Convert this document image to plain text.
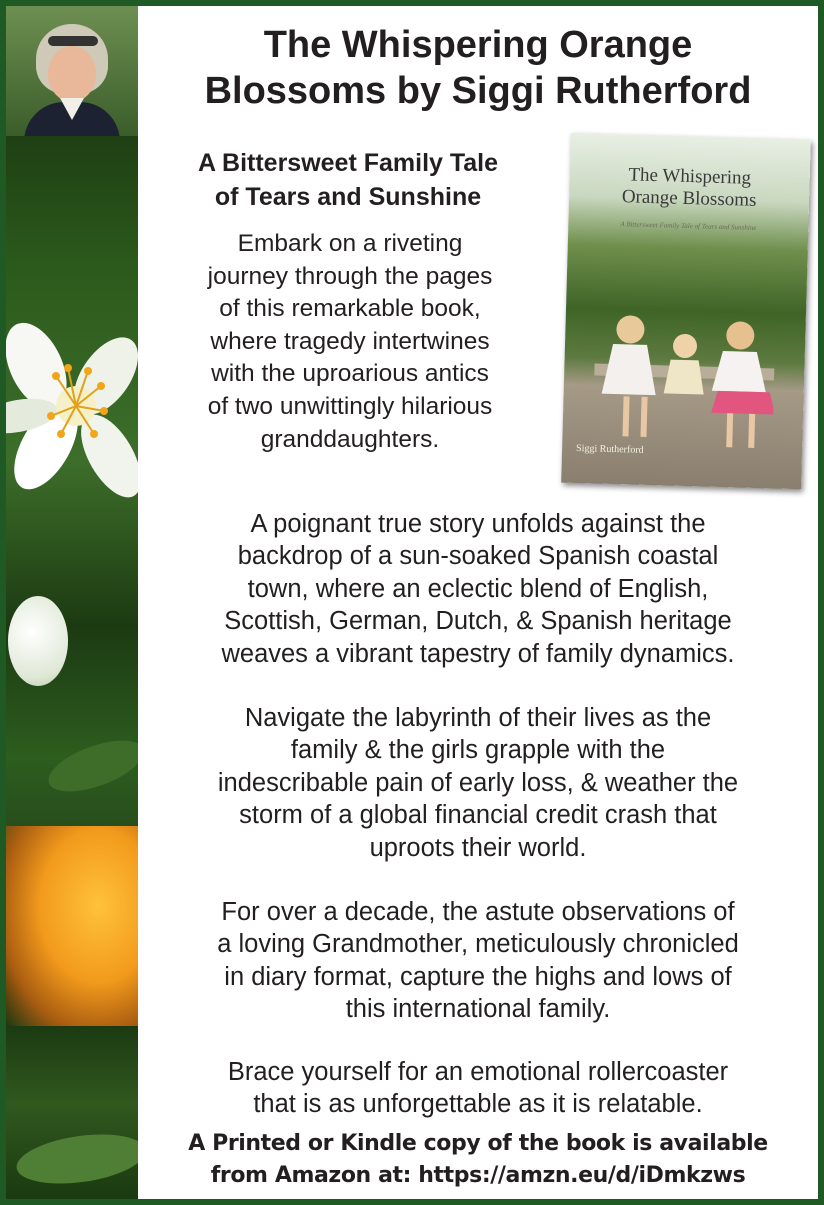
The Whispering Orange
Blossoms by Siggi Rutherford
A Bittersweet Family Tale
of Tears and Sunshine
Embark on a riveting
journey through the pages
of this remarkable book,
where tragedy intertwines
with the uproarious antics
of two unwittingly hilarious
granddaughters.
The Whispering
Orange Blossoms
A Bittersweet Family Tale of Tears and Sunshine
Siggi Rutherford
A poignant true story unfolds against the
backdrop of a sun-soaked Spanish coastal
town, where an eclectic blend of English,
Scottish, German, Dutch, & Spanish heritage
weaves a vibrant tapestry of family dynamics.
Navigate the labyrinth of their lives as the
family & the girls grapple with the
indescribable pain of early loss, & weather the
storm of a global financial credit crash that
uproots their world.
For over a decade, the astute observations of
a loving Grandmother, meticulously chronicled
in diary format, capture the highs and lows of
this international family.
Brace yourself for an emotional rollercoaster
that is as unforgettable as it is relatable.
A Printed or Kindle copy of the book is available
from Amazon at: https://amzn.eu/d/iDmkzws
